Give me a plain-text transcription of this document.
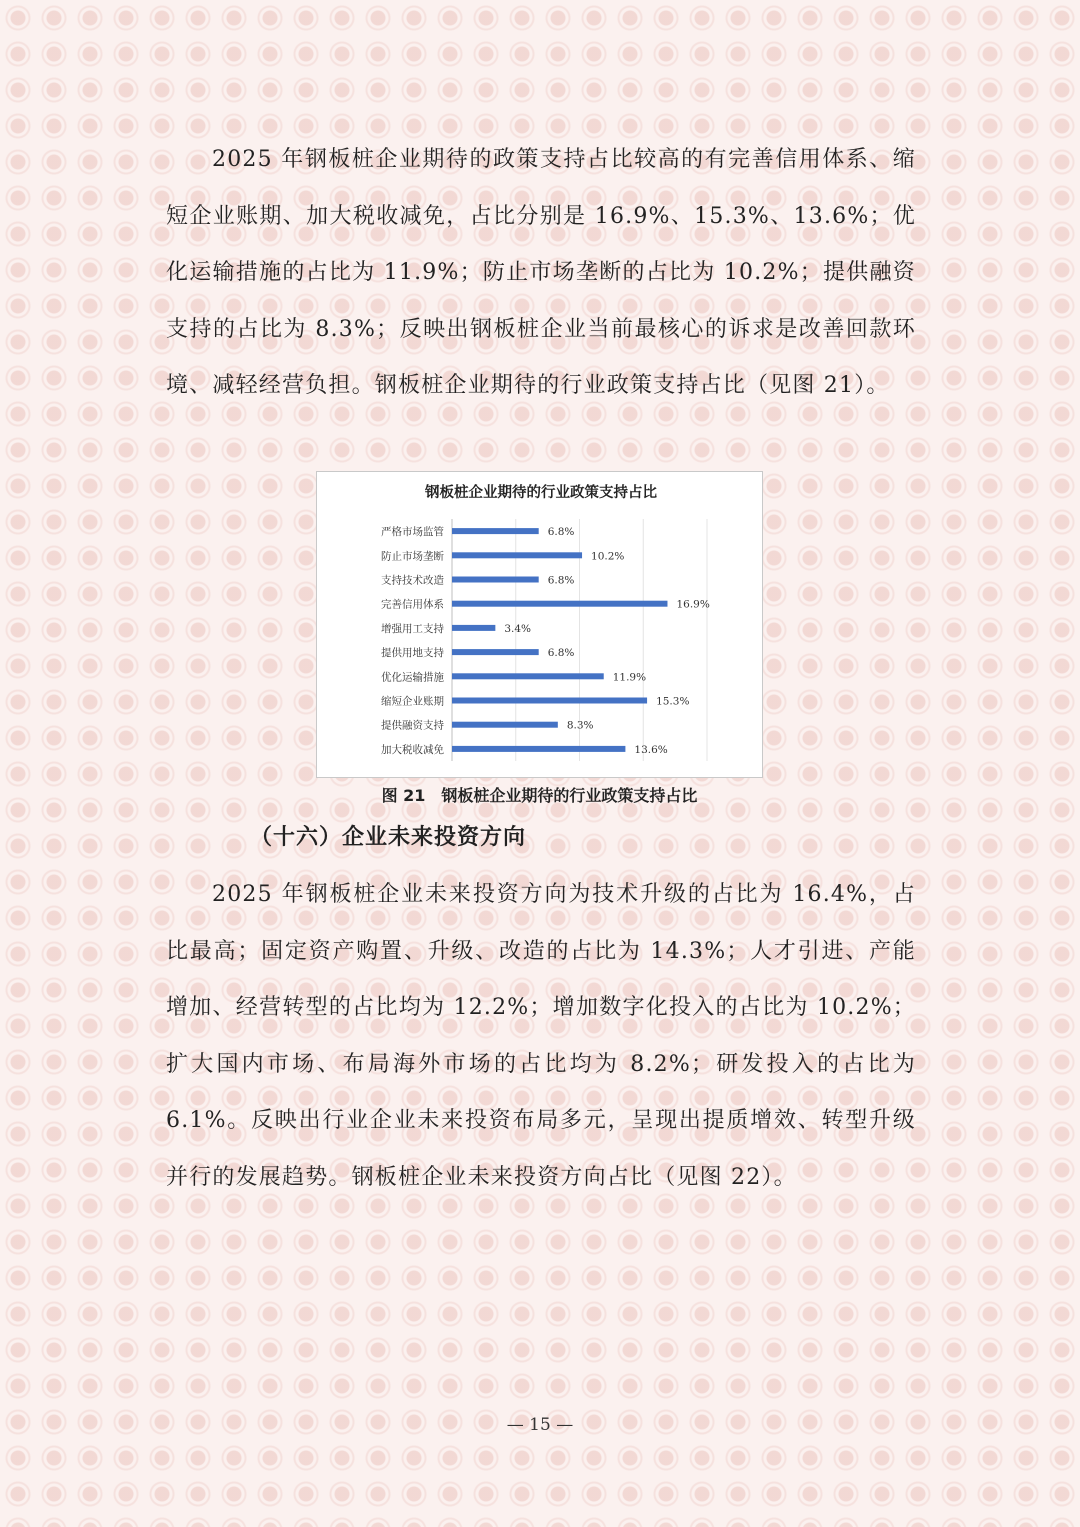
2025 年钢板桩企业期待的政策支持占比较高的有完善信用体系、缩短企业账期、加大税收减免，占比分别是 16.9%、15.3%、13.6%；优化运输措施的占比为 11.9%；防止市场垄断的占比为 10.2%；提供融资支持的占比为 8.3%；反映出钢板桩企业当前最核心的诉求是改善回款环境、减轻经营负担。钢板桩企业期待的行业政策支持占比（见图 21）。

钢板桩企业期待的行业政策支持占比
严格市场监管
防止市场垄断
支持技术改造
完善信用体系
增强用工支持
提供用地支持
优化运输措施
缩短企业账期
提供融资支持
加大税收减免
6.8%
10.2%
6.8%
16.9%
3.4%
6.8%
11.9%
15.3%
8.3%
13.6%
图 21　钢板桩企业期待的行业政策支持占比
（十六）企业未来投资方向

2025 年钢板桩企业未来投资方向为技术升级的占比为 16.4%，占比最高；固定资产购置、升级、改造的占比为 14.3%；人才引进、产能增加、经营转型的占比均为 12.2%；增加数字化投入的占比为 10.2%；扩大国内市场、布局海外市场的占比均为 8.2%；研发投入的占比为 6.1%。反映出行业企业未来投资布局多元，呈现出提质增效、转型升级并行的发展趋势。钢板桩企业未来投资方向占比（见图 22）。

— 15 —
